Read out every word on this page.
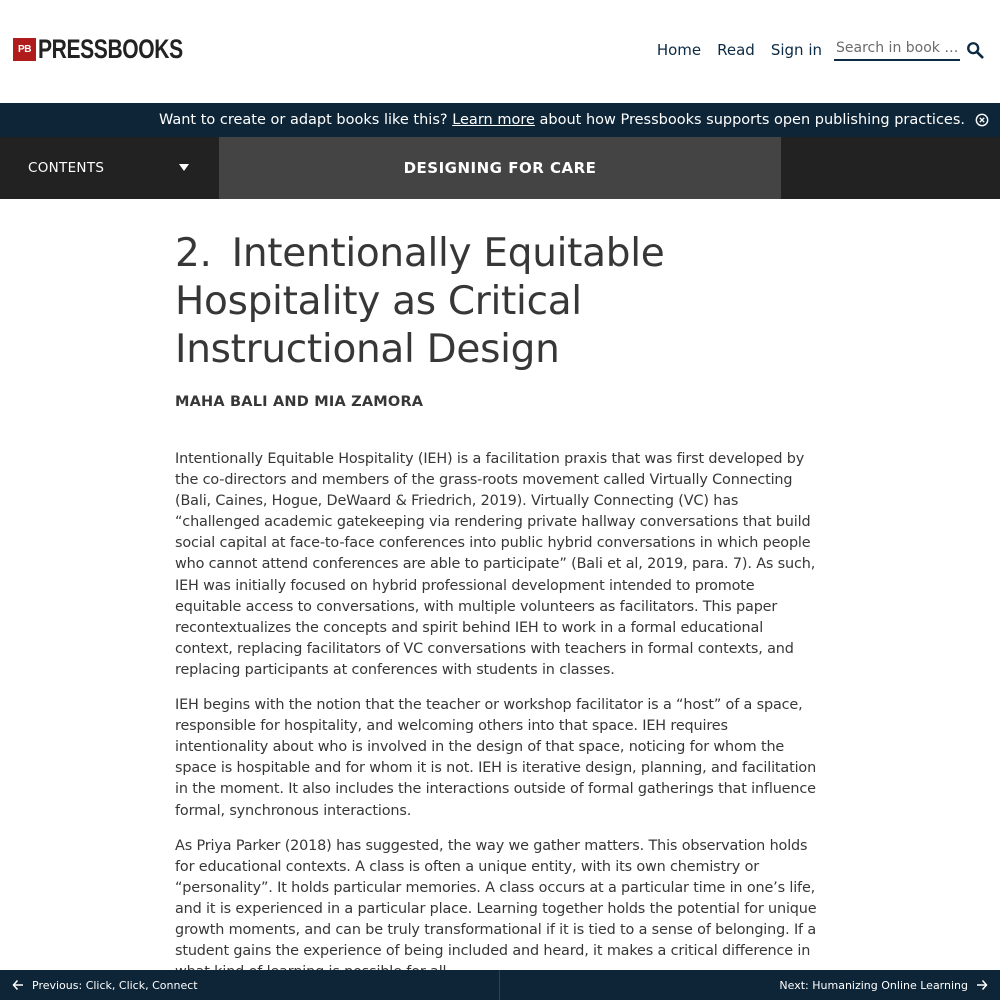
PB PRESSBOOKS	Home Read Sign in Search in book …
Want to create or adapt books like this?
Learn more
about how Pressbooks supports open publishing practices.
CONTENTS	DESIGNING FOR CARE
2. Intentionally Equitable Hospitality as Critical Instructional Design
MAHA BALI AND MIA ZAMORA

Intentionally Equitable Hospitality (IEH) is a facilitation praxis that was first developed by the co-directors and members of the grass-roots movement called Virtually Connecting (Bali, Caines, Hogue, DeWaard & Friedrich, 2019). Virtually Connecting (VC) has “challenged academic gatekeeping via rendering private hallway conversations that build social capital at face-to-face conferences into public hybrid conversations in which people who cannot attend conferences are able to participate” (Bali et al, 2019, para. 7). As such, IEH was initially focused on hybrid professional development intended to promote equitable access to conversations, with multiple volunteers as facilitators. This paper recontextualizes the concepts and spirit behind IEH to work in a formal educational context, replacing facilitators of VC conversations with teachers in formal contexts, and replacing participants at conferences with students in classes.

IEH begins with the notion that the teacher or workshop facilitator is a “host” of a space, responsible for hospitality, and welcoming others into that space. IEH requires intentionality about who is involved in the design of that space, noticing for whom the space is hospitable and for whom it is not. IEH is iterative design, planning, and facilitation in the moment. It also includes the interactions outside of formal gatherings that influence formal, synchronous interactions.

As Priya Parker (2018) has suggested, the way we gather matters. This observation holds for educational contexts. A class is often a unique entity, with its own chemistry or “personality”. It holds particular memories. A class occurs at a particular time in one’s life, and it is experienced in a particular place. Learning together holds the potential for unique growth moments, and can be truly transformational if it is tied to a sense of belonging. If a student gains the experience of being included and heard, it makes a critical difference in

Previous: Click, Click, Connect	Next: Humanizing Online Learning
